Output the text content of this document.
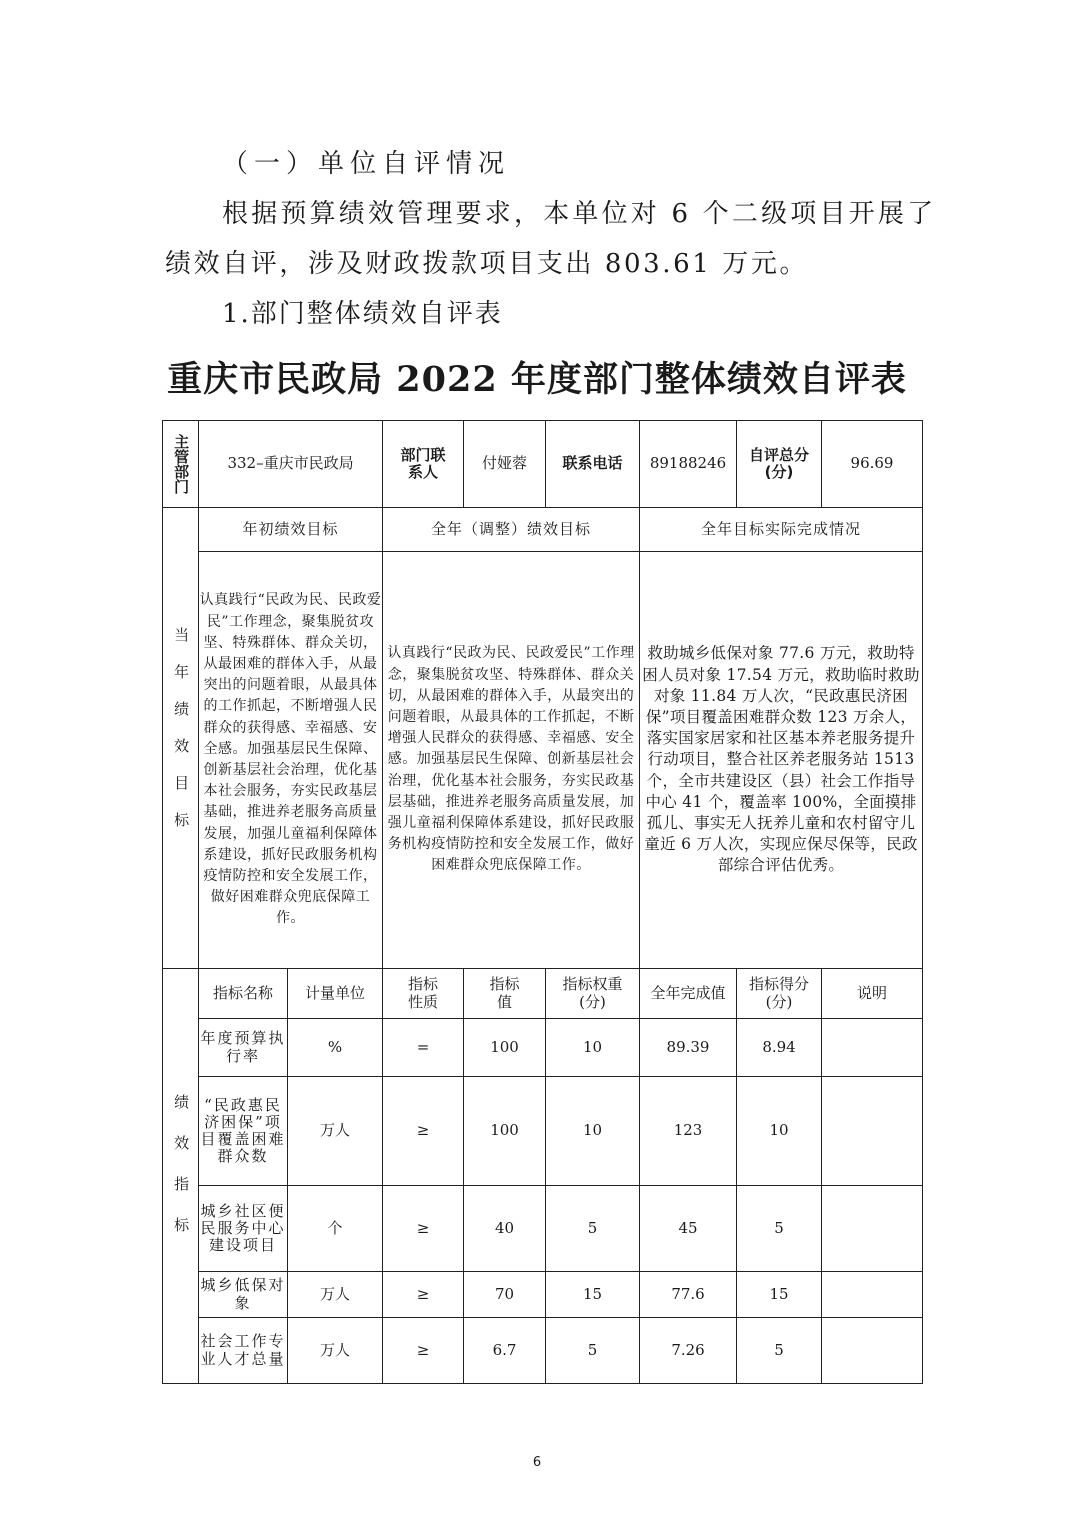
（一）单位自评情况

根据预算绩效管理要求，本单位对 6 个二级项目开展了

绩效自评，涉及财政拨款项目支出 803.61 万元。

1.部门整体绩效自评表

重庆市民政局 2022 年度部门整体绩效自评表
主管部门	332–重庆市民政局		部门联系人	付娅蓉	联系电话	89188246	自评总分(分)	96.69

当年绩效目标	年初绩效目标		全年（调整）绩效目标			全年目标实际完成情况		

	认真践行“民政为民、民政爱民”工作理念，聚集脱贫攻坚、特殊群体、群众关切，从最困难的群体入手，从最突出的问题着眼，从最具体的工作抓起，不断增强人民群众的获得感、幸福感、安全感。加强基层民生保障、创新基层社会治理，优化基本社会服务，夯实民政基层基础，推进养老服务高质量发展，加强儿童福利保障体系建设，抓好民政服务机构疫情防控和安全发展工作，做好困难群众兜底保障工作。		认真践行“民政为民、民政爱民”工作理念，聚集脱贫攻坚、特殊群体、群众关切，从最困难的群体入手，从最突出的问题着眼，从最具体的工作抓起，不断增强人民群众的获得感、幸福感、安全感。加强基层民生保障、创新基层社会治理，优化基本社会服务，夯实民政基层基础，推进养老服务高质量发展，加强儿童福利保障体系建设，抓好民政服务机构疫情防控和安全发展工作，做好困难群众兜底保障工作。			救助城乡低保对象 77.6 万元，救助特困人员对象 17.54 万元，救助临时救助对象 11.84 万人次，“民政惠民济困保”项目覆盖困难群众数 123 万余人，落实国家居家和社区基本养老服务提升行动项目，整合社区养老服务站 1513 个，全市共建设区（县）社会工作指导中心 41 个，覆盖率 100%，全面摸排孤儿、事实无人抚养儿童和农村留守儿童近 6 万人次，实现应保尽保等，民政部综合评估优秀。		

绩效指标	指标名称	计量单位	指标性质	指标值	指标权重(分)	全年完成值	指标得分(分)	说明
	年度预算执行率	%	=	100	10	89.39	8.94	
	“民政惠民济困保”项目覆盖困难群众数	万人	≥	100	10	123	10	
	城乡社区便民服务中心建设项目	个	≥	40	5	45	5	
	城乡低保对象	万人	≥	70	15	77.6	15	
	社会工作专业人才总量	万人	≥	6.7	5	7.26	5	

6
